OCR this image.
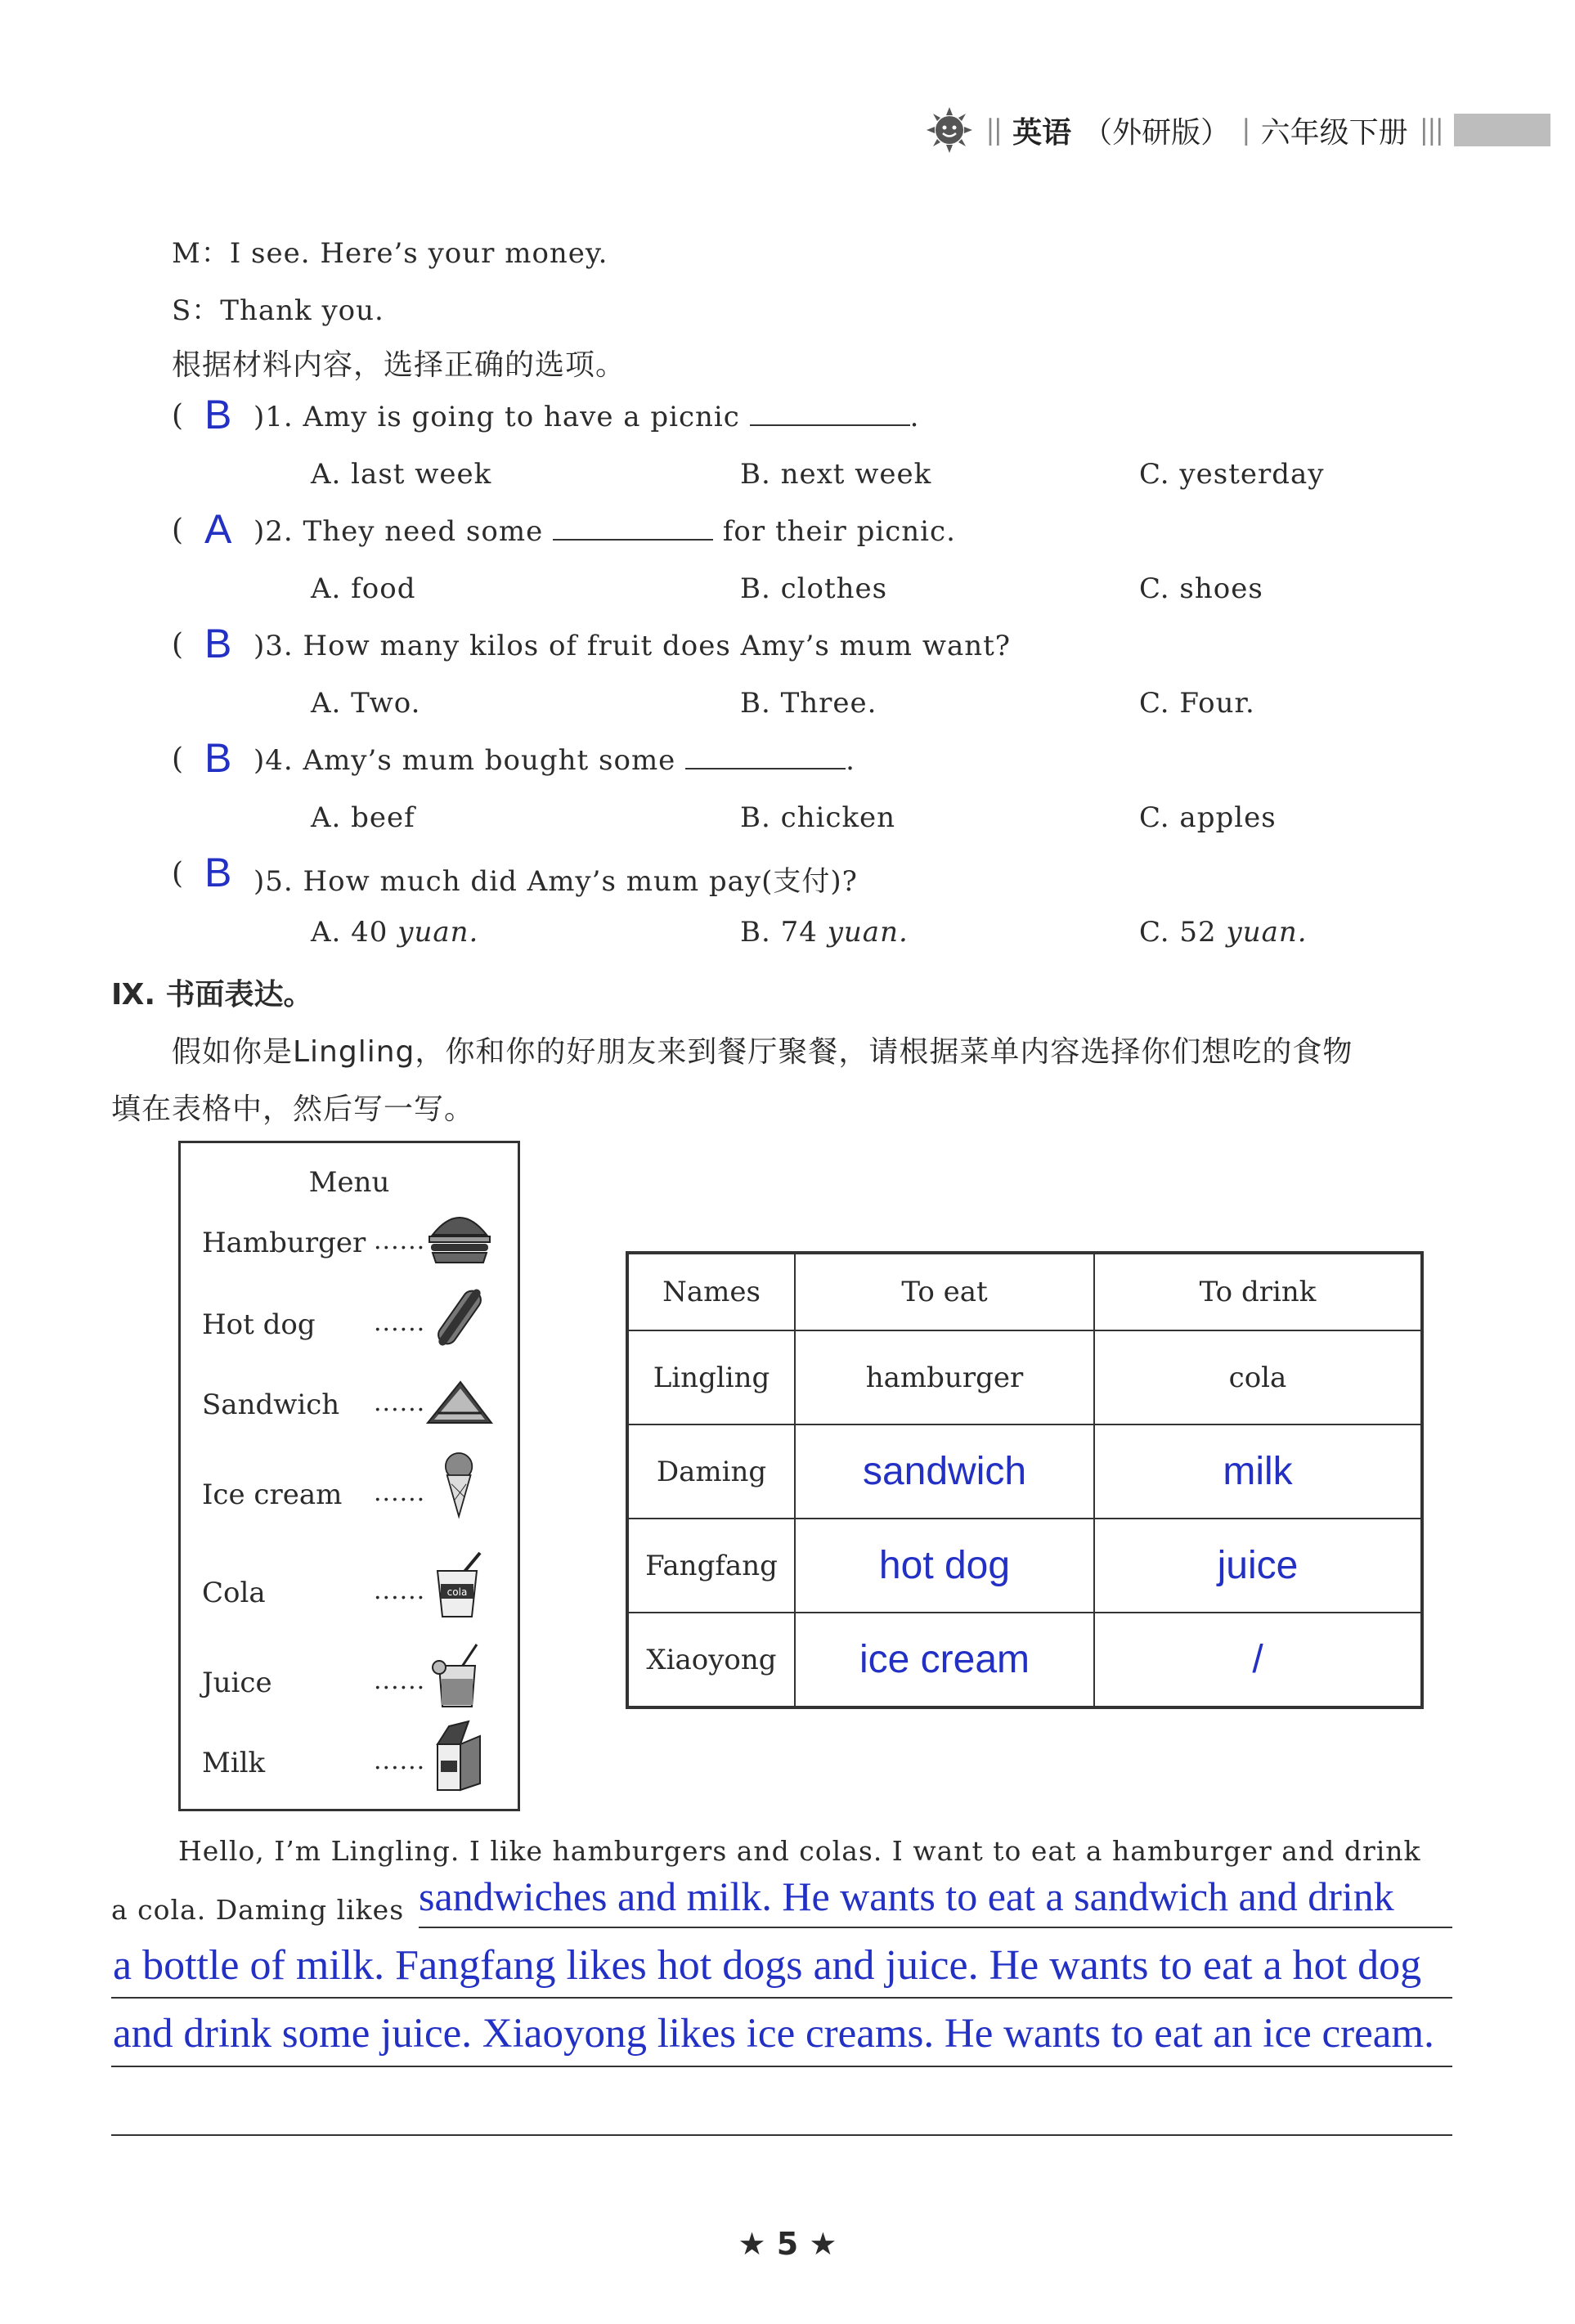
|| 英语 （外研版） | 六年级下册 |||
M：I see. Here’s your money.
S：Thank you.
根据材料内容，选择正确的选项。
( B )1. Amy is going to have a picnic	.
A. last week	B. next week	C. yesterday
( A )2. They need some	for their picnic.
A. food	B. clothes	C. shoes
( B )3. How many kilos of fruit does Amy’s mum want?
A. Two.	B. Three.	C. Four.
( B )4. Amy’s mum bought some	.
A. beef	B. chicken	C. apples
( B )5. How much did Amy’s mum pay(支付)?
A. 40 yuan.	B. 74 yuan.	C. 52 yuan.
Ⅸ. 书面表达。
假如你是Lingling，你和你的好朋友来到餐厅聚餐，请根据菜单内容选择你们想吃的食物
填在表格中，然后写一写。
Menu
Hamburger ......
Hot dog ......
Sandwich ......
Ice cream ......
Cola	...... cola
Juice	......
Milk	......
Names	To eat	To drink
Lingling	hamburger	cola
Daming	sandwich	milk
Fangfang	hot dog	juice
Xiaoyong	ice cream	/
Hello, I’m Lingling. I like hamburgers and colas. I want to eat a hamburger and drink
a cola. Daming likes sandwiches and milk. He wants to eat a sandwich and drink
a bottle of milk. Fangfang likes hot dogs and juice. He wants to eat a hot dog
and drink some juice. Xiaoyong likes ice creams. He wants to eat an ice cream.
★ 5 ★
